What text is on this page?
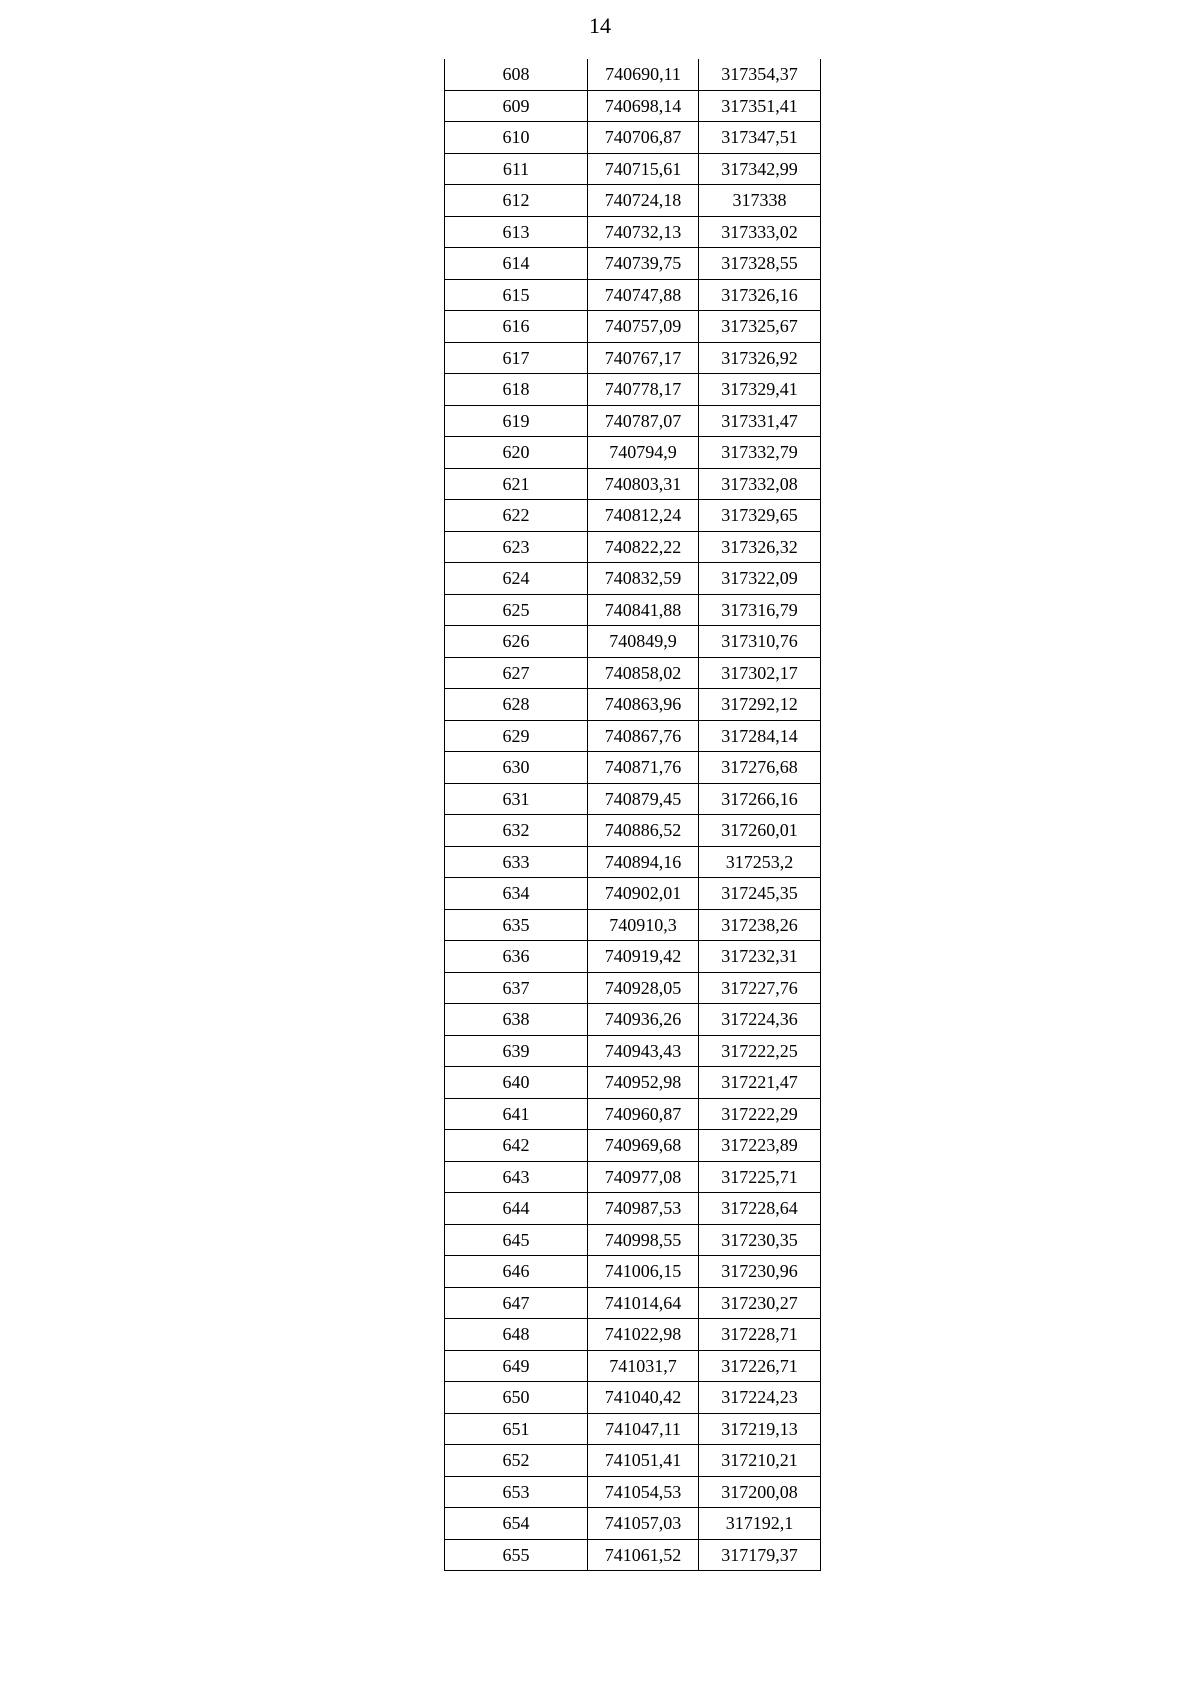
14
608	740690,11	317354,37
609	740698,14	317351,41
610	740706,87	317347,51
611	740715,61	317342,99
612	740724,18	317338
613	740732,13	317333,02
614	740739,75	317328,55
615	740747,88	317326,16
616	740757,09	317325,67
617	740767,17	317326,92
618	740778,17	317329,41
619	740787,07	317331,47
620	740794,9	317332,79
621	740803,31	317332,08
622	740812,24	317329,65
623	740822,22	317326,32
624	740832,59	317322,09
625	740841,88	317316,79
626	740849,9	317310,76
627	740858,02	317302,17
628	740863,96	317292,12
629	740867,76	317284,14
630	740871,76	317276,68
631	740879,45	317266,16
632	740886,52	317260,01
633	740894,16	317253,2
634	740902,01	317245,35
635	740910,3	317238,26
636	740919,42	317232,31
637	740928,05	317227,76
638	740936,26	317224,36
639	740943,43	317222,25
640	740952,98	317221,47
641	740960,87	317222,29
642	740969,68	317223,89
643	740977,08	317225,71
644	740987,53	317228,64
645	740998,55	317230,35
646	741006,15	317230,96
647	741014,64	317230,27
648	741022,98	317228,71
649	741031,7	317226,71
650	741040,42	317224,23
651	741047,11	317219,13
652	741051,41	317210,21
653	741054,53	317200,08
654	741057,03	317192,1
655	741061,52	317179,37
